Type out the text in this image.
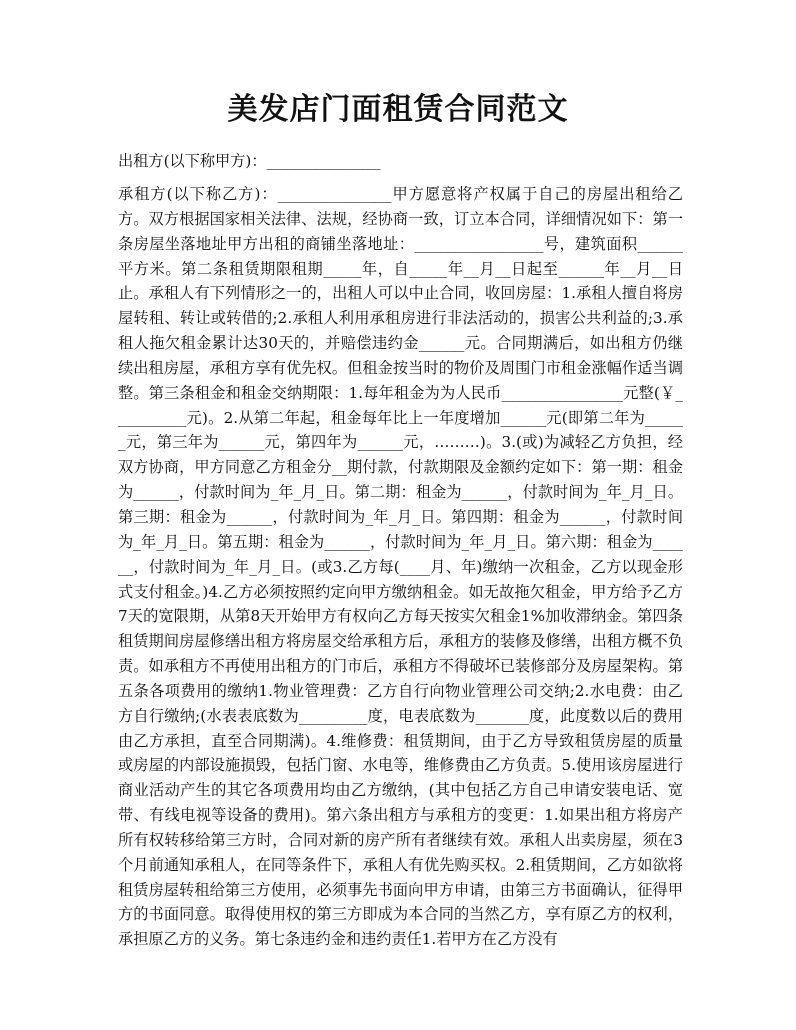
美发店门面租赁合同范文

出租方(以下称甲方)：_______________

承租方(以下称乙方)：_______________甲方愿意将产权属于自己的房屋出租给乙方。双方根据国家相关法律、法规，经协商一致，订立本合同，详细情况如下：第一条房屋坐落地址甲方出租的商铺坐落地址：_________________号，建筑面积______平方米。第二条租赁期限租期_____年，自_____年__月__日起至______年__月__日止。承租人有下列情形之一的，出租人可以中止合同，收回房屋：1.承租人擅自将房屋转租、转让或转借的;2.承租人利用承租房进行非法活动的，损害公共利益的;3.承租人拖欠租金累计达30天的，并赔偿违约金______元。合同期满后，如出租方仍继续出租房屋，承租方享有优先权。但租金按当时的物价及周围门市租金涨幅作适当调整。第三条租金和租金交纳期限：1.每年租金为为人民币________________元整(￥__________元)。2.从第二年起，租金每年比上一年度增加______元(即第二年为______元，第三年为______元，第四年为______元，………)。3.(或)为减轻乙方负担，经双方协商，甲方同意乙方租金分__期付款，付款期限及金额约定如下：第一期：租金为______，付款时间为_年_月_日。第二期：租金为______，付款时间为_年_月_日。第三期：租金为______，付款时间为_年_月_日。第四期：租金为______，付款时间为_年_月_日。第五期：租金为______，付款时间为_年_月_日。第六期：租金为______，付款时间为_年_月_日。(或3.乙方每(____月、年)缴纳一次租金，乙方以现金形式支付租金。)4.乙方必须按照约定向甲方缴纳租金。如无故拖欠租金，甲方给予乙方7天的宽限期，从第8天开始甲方有权向乙方每天按实欠租金1%加收滞纳金。第四条租赁期间房屋修缮出租方将房屋交给承租方后，承租方的装修及修缮，出租方概不负责。如承租方不再使用出租方的门市后，承租方不得破坏已装修部分及房屋架构。第五条各项费用的缴纳1.物业管理费：乙方自行向物业管理公司交纳;2.水电费：由乙方自行缴纳;(水表表底数为_________度，电表底数为_______度，此度数以后的费用由乙方承担，直至合同期满)。4.维修费：租赁期间，由于乙方导致租赁房屋的质量或房屋的内部设施损毁，包括门窗、水电等，维修费由乙方负责。5.使用该房屋进行商业活动产生的其它各项费用均由乙方缴纳，(其中包括乙方自己申请安装电话、宽带、有线电视等设备的费用)。第六条出租方与承租方的变更：1.如果出租方将房产所有权转移给第三方时，合同对新的房产所有者继续有效。承租人出卖房屋，须在3个月前通知承租人，在同等条件下，承租人有优先购买权。2.租赁期间，乙方如欲将租赁房屋转租给第三方使用，必须事先书面向甲方申请，由第三方书面确认，征得甲方的书面同意。取得使用权的第三方即成为本合同的当然乙方，享有原乙方的权利，承担原乙方的义务。第七条违约金和违约责任1.若甲方在乙方没有
